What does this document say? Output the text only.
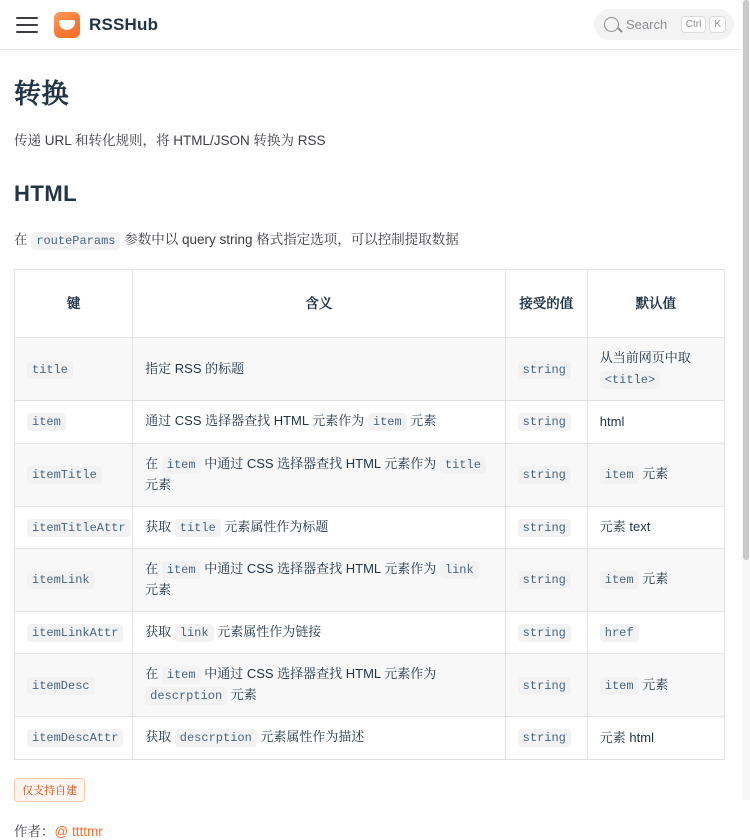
RSSHub	Search	Ctrl	K
转换

传递 URL 和转化规则，将 HTML/JSON 转换为 RSS

HTML

在 routeParams 参数中以 query string 格式指定选项，可以控制提取数据

键	含义	接受的值	默认值
title	指定 RSS 的标题	string	从当前网页中取 <title>
item	通过 CSS 选择器查找 HTML 元素作为 item 元素	string	html
itemTitle	在 item 中通过 CSS 选择器查找 HTML 元素作为 title 元素	string	item 元素
itemTitleAttr	获取 title 元素属性作为标题	string	元素 text
itemLink	在 item 中通过 CSS 选择器查找 HTML 元素作为 link 元素	string	item 元素
itemLinkAttr	获取 link 元素属性作为链接	string	href
itemDesc	在 item 中通过 CSS 选择器查找 HTML 元素作为 descrption 元素	string	item 元素
itemDescAttr	获取 descrption 元素属性作为描述	string	元素 html
仅支持自建
作者：@ ttttmr
